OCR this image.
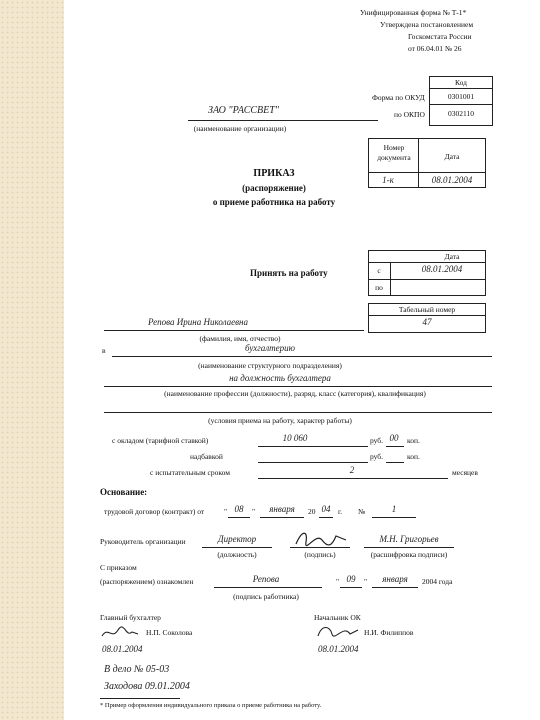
Унифицированная форма № Т-1*
Утверждена постановлением
Госкомстата России
от 06.04.01 № 26
Код
Форма по ОКУД	0301001
по ОКПО	0302110
ЗАО "РАССВЕТ"
(наименование организации)
Номер документа	Дата
1-к	08.01.2004
ПРИКАЗ
(распоряжение)
о приеме работника на работу
Принять на работу
Дата
с	08.01.2004
по
Табельный номер
47
Репова Ирина Николаевна
(фамилия, имя, отчество)
в	бухгалтерию
(наименование структурного подразделения)
на должность бухгалтера
(наименование профессии (должности), разряд, класс (категория), квалификация)
(условия приема на работу, характер работы)
с окладом (тарифной ставкой)	10 060	руб. 00 коп.
надбавкой	руб.	коп.
с испытательным сроком	2	месяцев
Основание:
трудовой договор (контракт) от	" 08 " января 20 04 г. №	1
Руководитель организации	Директор
(должность)	(подпись)
М.Н. Григорьев
(расшифровка подписи)
С приказом
(распоряжением) ознакомлен	Репова	" 09 " января 2004 года
(подпись работника)
Главный бухгалтер
Н.П. Соколова
08.01.2004
Начальник ОК
Н.И. Филиппов
08.01.2004
В дело № 05-03
Заходова 09.01.2004
* Пример оформления индивидуального приказа о приеме работника на работу.
